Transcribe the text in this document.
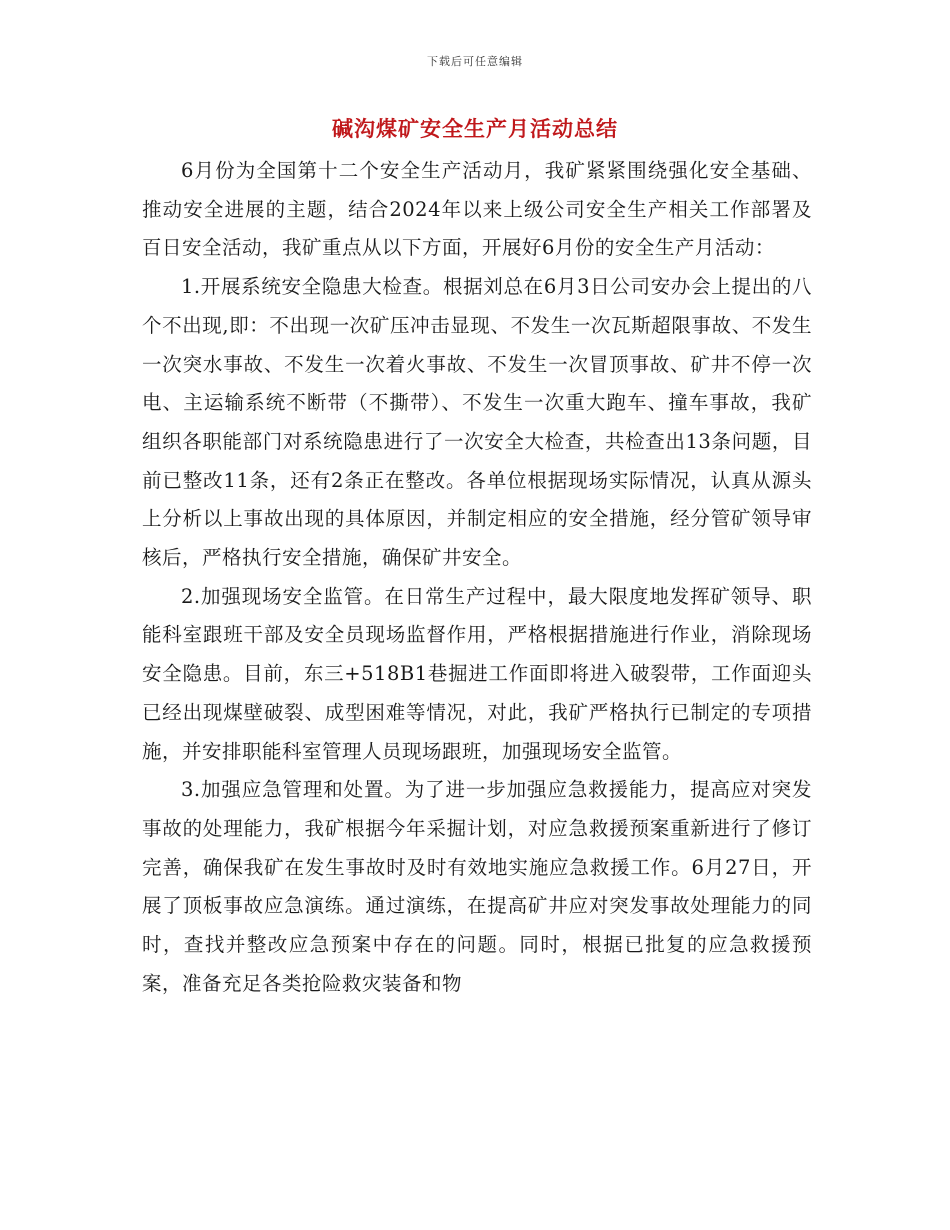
下载后可任意编辑
碱沟煤矿安全生产月活动总结

6月份为全国第十二个安全生产活动月，我矿紧紧围绕强化安全基础、推动安全进展的主题，结合2024年以来上级公司安全生产相关工作部署及百日安全活动，我矿重点从以下方面，开展好6月份的安全生产月活动：

1.开展系统安全隐患大检查。根据刘总在6月3日公司安办会上提出的八个不出现,即：不出现一次矿压冲击显现、不发生一次瓦斯超限事故、不发生一次突水事故、不发生一次着火事故、不发生一次冒顶事故、矿井不停一次电、主运输系统不断带（不撕带）、不发生一次重大跑车、撞车事故，我矿组织各职能部门对系统隐患进行了一次安全大检查，共检查出13条问题，目前已整改11条，还有2条正在整改。各单位根据现场实际情况，认真从源头上分析以上事故出现的具体原因，并制定相应的安全措施，经分管矿领导审核后，严格执行安全措施，确保矿井安全。

2.加强现场安全监管。在日常生产过程中，最大限度地发挥矿领导、职能科室跟班干部及安全员现场监督作用，严格根据措施进行作业，消除现场安全隐患。目前，东三+518B1巷掘进工作面即将进入破裂带，工作面迎头已经出现煤壁破裂、成型困难等情况，对此，我矿严格执行已制定的专项措施，并安排职能科室管理人员现场跟班，加强现场安全监管。

3.加强应急管理和处置。为了进一步加强应急救援能力，提高应对突发事故的处理能力，我矿根据今年采掘计划，对应急救援预案重新进行了修订完善，确保我矿在发生事故时及时有效地实施应急救援工作。6月27日，开展了顶板事故应急演练。通过演练，在提高矿井应对突发事故处理能力的同时，查找并整改应急预案中存在的问题。同时，根据已批复的应急救援预案，准备充足各类抢险救灾装备和物
